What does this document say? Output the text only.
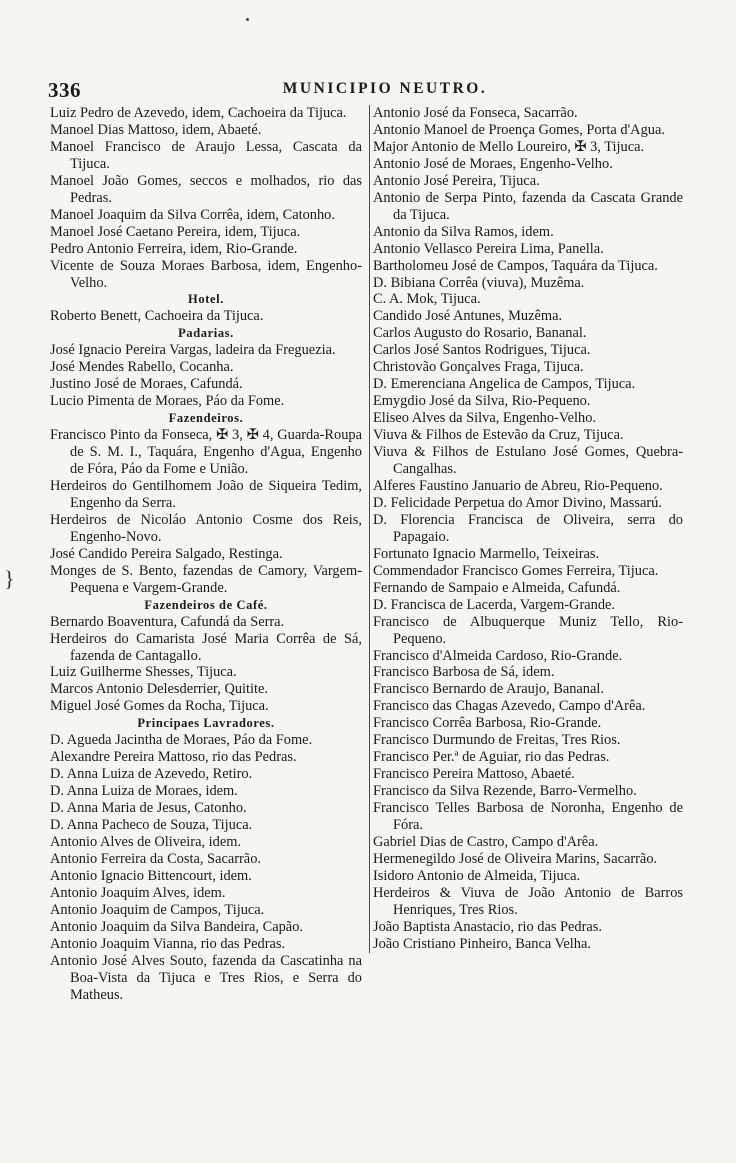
336	MUNICIPIO NEUTRO.
Luiz Pedro de Azevedo, idem, Cachoeira da Tijuca.
Manoel Dias Mattoso, idem, Abaeté.
Manoel Francisco de Araujo Lessa, Cascata da Tijuca.
Manoel João Gomes, seccos e molhados, rio das Pedras.
Manoel Joaquim da Silva Corrêa, idem, Catonho.
Manoel José Caetano Pereira, idem, Tijuca.
Pedro Antonio Ferreira, idem, Rio-Grande.
Vicente de Souza Moraes Barbosa, idem, Engenho-Velho.
Hotel.
Roberto Benett, Cachoeira da Tijuca.
Padarias.
José Ignacio Pereira Vargas, ladeira da Freguezia.
José Mendes Rabello, Cocanha.
Justino José de Moraes, Cafundá.
Lucio Pimenta de Moraes, Páo da Fome.
Fazendeiros.
Francisco Pinto da Fonseca, ✠ 3, ✠ 4, Guarda-Roupa de S. M. I., Taquára, Engenho d'Agua, Engenho de Fóra, Páo da Fome e União.
Herdeiros do Gentilhomem João de Siqueira Tedim, Engenho da Serra.
Herdeiros de Nicoláo Antonio Cosme dos Reis, Engenho-Novo.
José Candido Pereira Salgado, Restinga.
Monges de S. Bento, fazendas de Camory, Vargem-Pequena e Vargem-Grande.
Fazendeiros de Café.
Bernardo Boaventura, Cafundá da Serra.
Herdeiros do Camarista José Maria Corrêa de Sá, fazenda de Cantagallo.
Luiz Guilherme Shesses, Tijuca.
Marcos Antonio Delesderrier, Quitite.
Miguel José Gomes da Rocha, Tijuca.
Principaes Lavradores.
D. Agueda Jacintha de Moraes, Páo da Fome.
Alexandre Pereira Mattoso, rio das Pedras.
D. Anna Luiza de Azevedo, Retiro.
D. Anna Luiza de Moraes, idem.
D. Anna Maria de Jesus, Catonho.
D. Anna Pacheco de Souza, Tijuca.
Antonio Alves de Oliveira, idem.
Antonio Ferreira da Costa, Sacarrão.
Antonio Ignacio Bittencourt, idem.
Antonio Joaquim Alves, idem.
Antonio Joaquim de Campos, Tijuca.
Antonio Joaquim da Silva Bandeira, Capão.
Antonio Joaquim Vianna, rio das Pedras.
Antonio José Alves Souto, fazenda da Cascatinha na Boa-Vista da Tijuca e Tres Rios, e Serra do Matheus.
Antonio José da Fonseca, Sacarrão.
Antonio Manoel de Proença Gomes, Porta d'Agua.
Major Antonio de Mello Loureiro, ✠ 3, Tijuca.
Antonio José de Moraes, Engenho-Velho.
Antonio José Pereira, Tijuca.
Antonio de Serpa Pinto, fazenda da Cascata Grande da Tijuca.
Antonio da Silva Ramos, idem.
Antonio Vellasco Pereira Lima, Panella.
Bartholomeu José de Campos, Taquára da Tijuca.
D. Bibiana Corrêa (viuva), Muzêma.
C. A. Mok, Tijuca.
Candido José Antunes, Muzêma.
Carlos Augusto do Rosario, Bananal.
Carlos José Santos Rodrigues, Tijuca.
Christovão Gonçalves Fraga, Tijuca.
D. Emerenciana Angelica de Campos, Tijuca.
Emygdio José da Silva, Rio-Pequeno.
Eliseo Alves da Silva, Engenho-Velho.
Viuva & Filhos de Estevão da Cruz, Tijuca.
Viuva & Filhos de Estulano José Gomes, Quebra-Cangalhas.
Alferes Faustino Januario de Abreu, Rio-Pequeno.
D. Felicidade Perpetua do Amor Divino, Massarú.
D. Florencia Francisca de Oliveira, serra do Papagaio.
Fortunato Ignacio Marmello, Teixeiras.
Commendador Francisco Gomes Ferreira, Tijuca.
Fernando de Sampaio e Almeida, Cafundá.
D. Francisca de Lacerda, Vargem-Grande.
Francisco de Albuquerque Muniz Tello, Rio-Pequeno.
Francisco d'Almeida Cardoso, Rio-Grande.
Francisco Barbosa de Sá, idem.
Francisco Bernardo de Araujo, Bananal.
Francisco das Chagas Azevedo, Campo d'Arêa.
Francisco Corrêa Barbosa, Rio-Grande.
Francisco Durmundo de Freitas, Tres Rios.
Francisco Per.ª de Aguiar, rio das Pedras.
Francisco Pereira Mattoso, Abaeté.
Francisco da Silva Rezende, Barro-Vermelho.
Francisco Telles Barbosa de Noronha, Engenho de Fóra.
Gabriel Dias de Castro, Campo d'Arêa.
Hermenegildo José de Oliveira Marins, Sacarrão.
Isidoro Antonio de Almeida, Tijuca.
Herdeiros & Viuva de João Antonio de Barros Henriques, Tres Rios.
João Baptista Anastacio, rio das Pedras.
João Cristiano Pinheiro, Banca Velha.
}
